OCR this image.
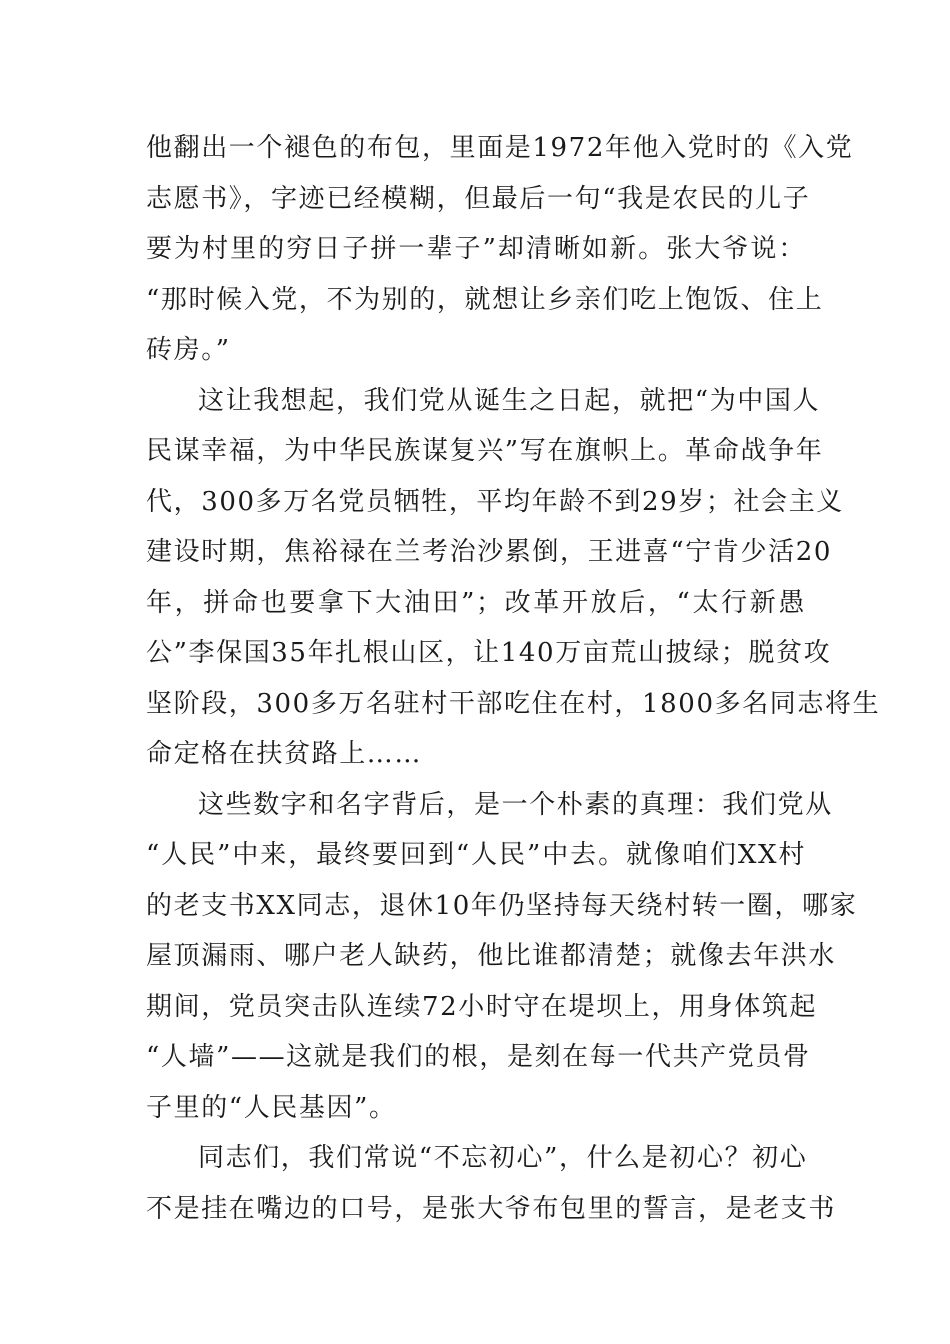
他翻出一个褪色的布包，里面是1972年他入党时的《入党
志愿书》，字迹已经模糊，但最后一句“我是农民的儿子
要为村里的穷日子拼一辈子”却清晰如新。张大爷说：
“那时候入党，不为别的，就想让乡亲们吃上饱饭、住上
砖房。”
这让我想起，我们党从诞生之日起，就把“为中国人
民谋幸福，为中华民族谋复兴”写在旗帜上。革命战争年
代，300多万名党员牺牲，平均年龄不到29岁；社会主义
建设时期，焦裕禄在兰考治沙累倒，王进喜“宁肯少活20
年，拼命也要拿下大油田”；改革开放后，“太行新愚
公”李保国35年扎根山区，让140万亩荒山披绿；脱贫攻
坚阶段，300多万名驻村干部吃住在村，1800多名同志将生
命定格在扶贫路上……
这些数字和名字背后，是一个朴素的真理：我们党从
“人民”中来，最终要回到“人民”中去。就像咱们XX村
的老支书XX同志，退休10年仍坚持每天绕村转一圈，哪家
屋顶漏雨、哪户老人缺药，他比谁都清楚；就像去年洪水
期间，党员突击队连续72小时守在堤坝上，用身体筑起
“人墙”——这就是我们的根，是刻在每一代共产党员骨
子里的“人民基因”。
同志们，我们常说“不忘初心”，什么是初心？初心
不是挂在嘴边的口号，是张大爷布包里的誓言，是老支书
